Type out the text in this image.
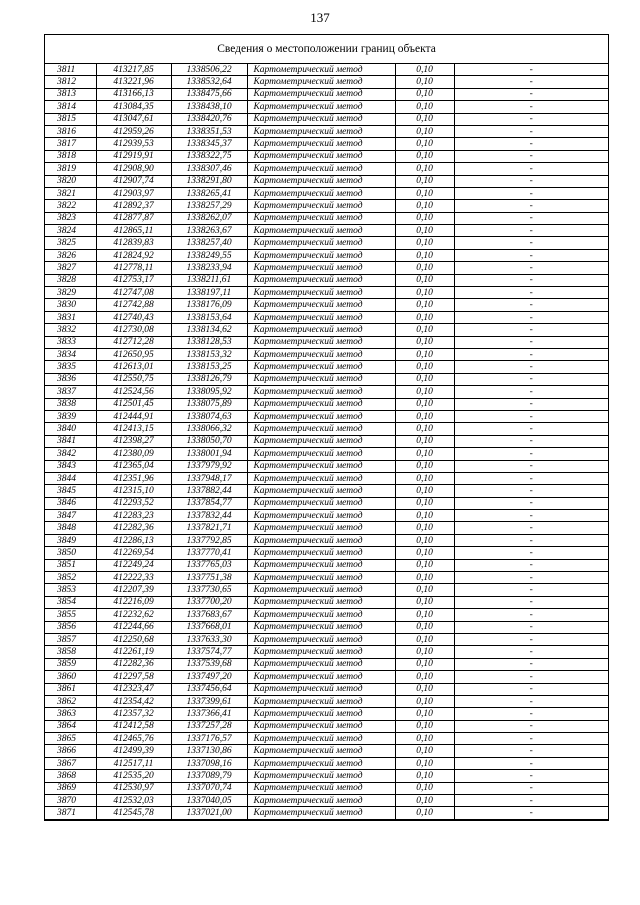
137
Сведения о местоположении границ объекта
3811	413217,85	1338506,22	Картометрический метод	0,10	-
3812	413221,96	1338532,64	Картометрический метод	0,10	-
3813	413166,13	1338475,66	Картометрический метод	0,10	-
3814	413084,35	1338438,10	Картометрический метод	0,10	-
3815	413047,61	1338420,76	Картометрический метод	0,10	-
3816	412959,26	1338351,53	Картометрический метод	0,10	-
3817	412939,53	1338345,37	Картометрический метод	0,10	-
3818	412919,91	1338322,75	Картометрический метод	0,10	-
3819	412908,90	1338307,46	Картометрический метод	0,10	-
3820	412907,74	1338291,80	Картометрический метод	0,10	-
3821	412903,97	1338265,41	Картометрический метод	0,10	-
3822	412892,37	1338257,29	Картометрический метод	0,10	-
3823	412877,87	1338262,07	Картометрический метод	0,10	-
3824	412865,11	1338263,67	Картометрический метод	0,10	-
3825	412839,83	1338257,40	Картометрический метод	0,10	-
3826	412824,92	1338249,55	Картометрический метод	0,10	-
3827	412778,11	1338233,94	Картометрический метод	0,10	-
3828	412753,17	1338211,61	Картометрический метод	0,10	-
3829	412747,08	1338197,11	Картометрический метод	0,10	-
3830	412742,88	1338176,09	Картометрический метод	0,10	-
3831	412740,43	1338153,64	Картометрический метод	0,10	-
3832	412730,08	1338134,62	Картометрический метод	0,10	-
3833	412712,28	1338128,53	Картометрический метод	0,10	-
3834	412650,95	1338153,32	Картометрический метод	0,10	-
3835	412613,01	1338153,25	Картометрический метод	0,10	-
3836	412550,75	1338126,79	Картометрический метод	0,10	-
3837	412524,56	1338095,92	Картометрический метод	0,10	-
3838	412501,45	1338075,89	Картометрический метод	0,10	-
3839	412444,91	1338074,63	Картометрический метод	0,10	-
3840	412413,15	1338066,32	Картометрический метод	0,10	-
3841	412398,27	1338050,70	Картометрический метод	0,10	-
3842	412380,09	1338001,94	Картометрический метод	0,10	-
3843	412365,04	1337979,92	Картометрический метод	0,10	-
3844	412351,96	1337948,17	Картометрический метод	0,10	-
3845	412315,10	1337882,44	Картометрический метод	0,10	-
3846	412293,52	1337854,77	Картометрический метод	0,10	-
3847	412283,23	1337832,44	Картометрический метод	0,10	-
3848	412282,36	1337821,71	Картометрический метод	0,10	-
3849	412286,13	1337792,85	Картометрический метод	0,10	-
3850	412269,54	1337770,41	Картометрический метод	0,10	-
3851	412249,24	1337765,03	Картометрический метод	0,10	-
3852	412222,33	1337751,38	Картометрический метод	0,10	-
3853	412207,39	1337730,65	Картометрический метод	0,10	-
3854	412216,09	1337700,20	Картометрический метод	0,10	-
3855	412232,62	1337683,67	Картометрический метод	0,10	-
3856	412244,66	1337668,01	Картометрический метод	0,10	-
3857	412250,68	1337633,30	Картометрический метод	0,10	-
3858	412261,19	1337574,77	Картометрический метод	0,10	-
3859	412282,36	1337539,68	Картометрический метод	0,10	-
3860	412297,58	1337497,20	Картометрический метод	0,10	-
3861	412323,47	1337456,64	Картометрический метод	0,10	-
3862	412354,42	1337399,61	Картометрический метод	0,10	-
3863	412357,32	1337366,41	Картометрический метод	0,10	-
3864	412412,58	1337257,28	Картометрический метод	0,10	-
3865	412465,76	1337176,57	Картометрический метод	0,10	-
3866	412499,39	1337130,86	Картометрический метод	0,10	-
3867	412517,11	1337098,16	Картометрический метод	0,10	-
3868	412535,20	1337089,79	Картометрический метод	0,10	-
3869	412530,97	1337070,74	Картометрический метод	0,10	-
3870	412532,03	1337040,05	Картометрический метод	0,10	-
3871	412545,78	1337021,00	Картометрический метод	0,10	-
